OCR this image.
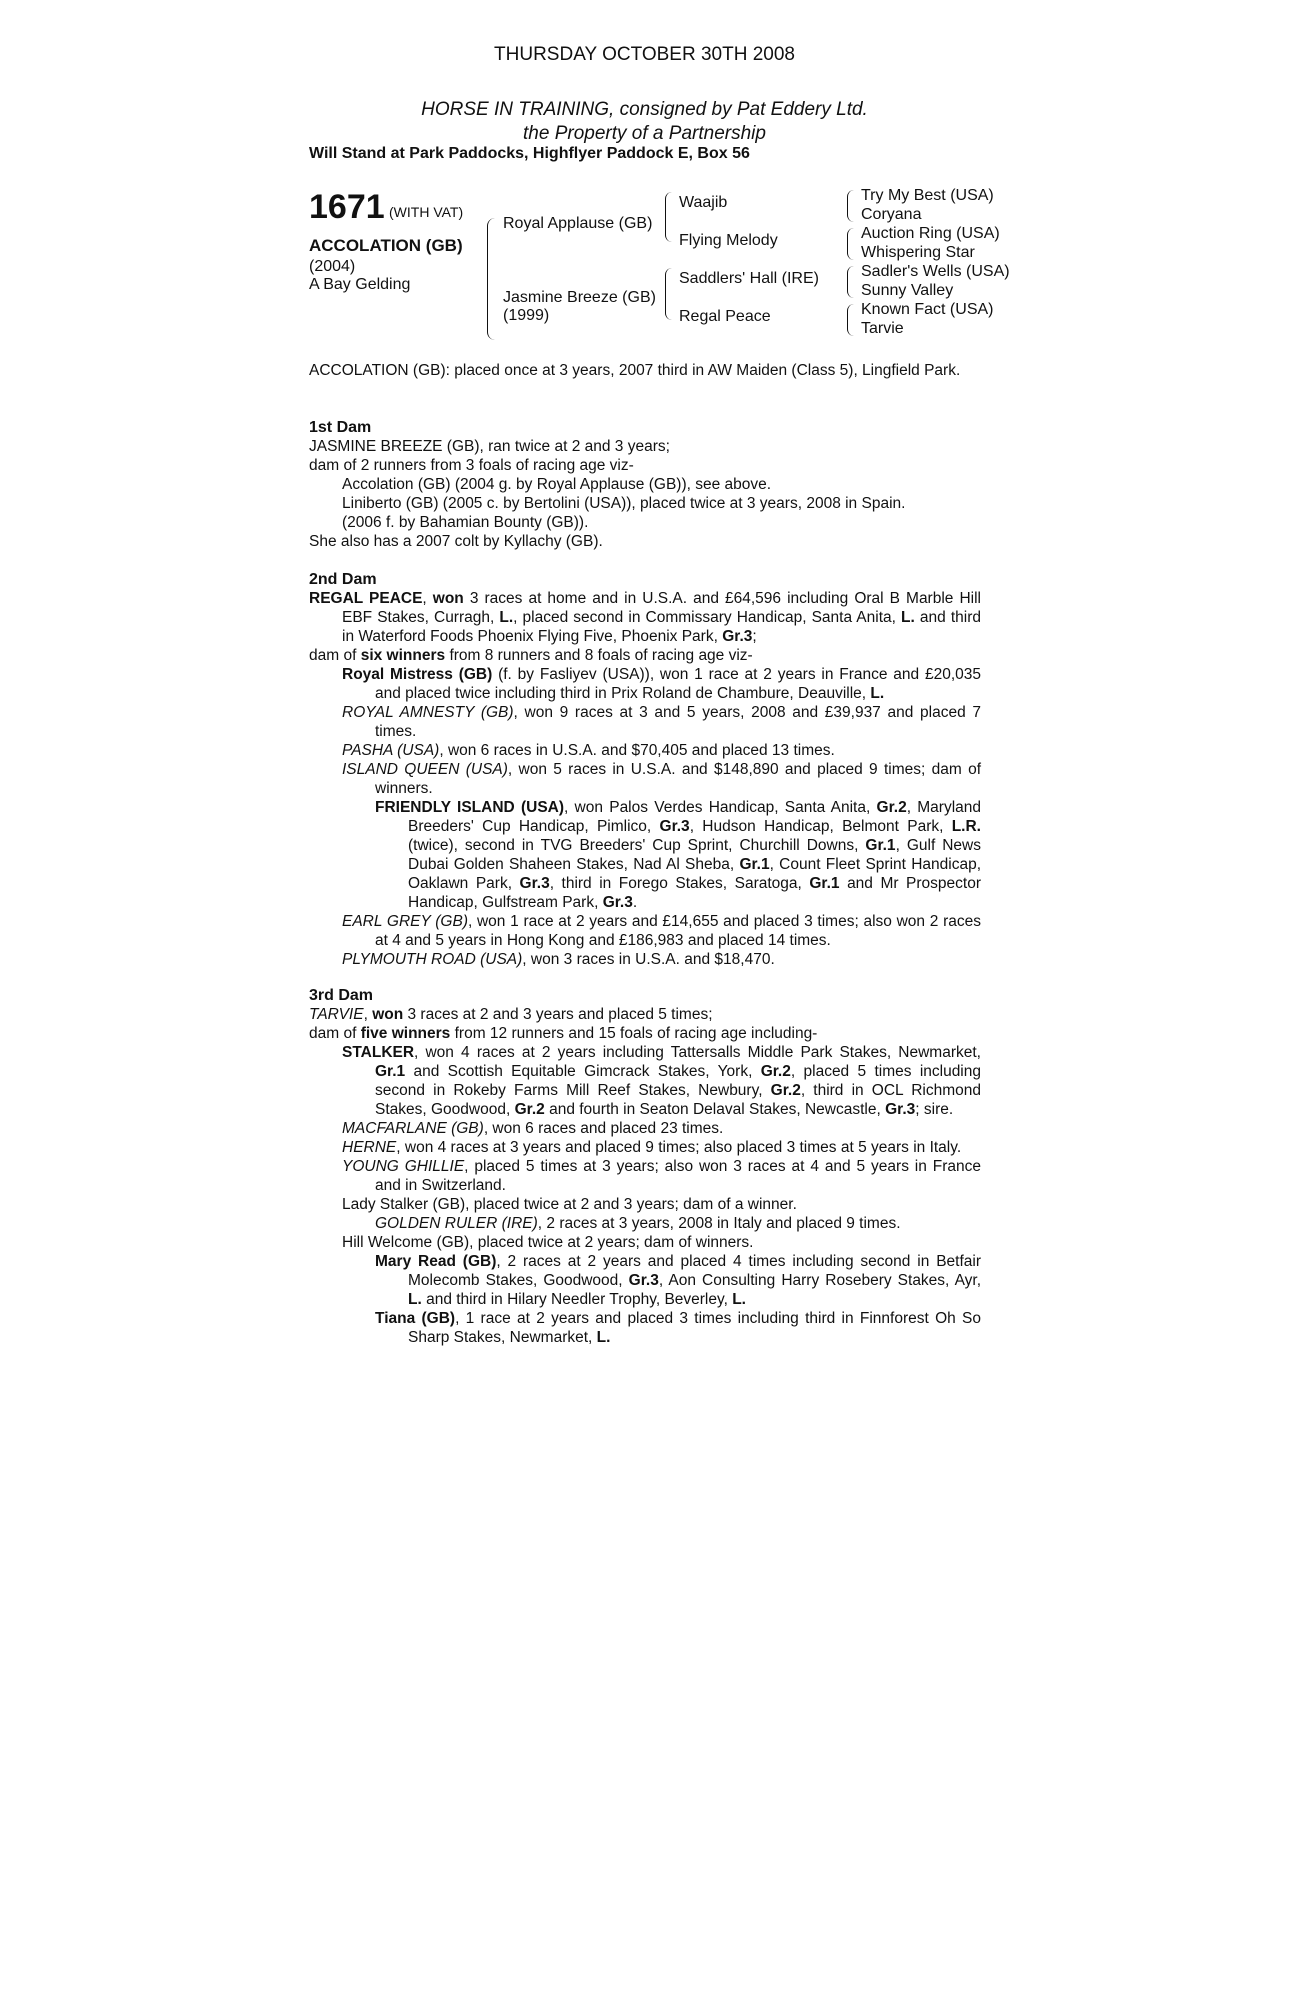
THURSDAY OCTOBER 30TH 2008
HORSE IN TRAINING, consigned by Pat Eddery Ltd.
the Property of a Partnership
Will Stand at Park Paddocks, Highflyer Paddock E, Box 56
1671 (WITH VAT)
ACCOLATION (GB)
(2004)
A Bay Gelding
Royal Applause (GB)
Jasmine Breeze (GB)
(1999)
Waajib
Flying Melody
Saddlers' Hall (IRE)
Regal Peace
Try My Best (USA)
Coryana
Auction Ring (USA)
Whispering Star
Sadler's Wells (USA)
Sunny Valley
Known Fact (USA)
Tarvie
ACCOLATION (GB): placed once at 3 years, 2007 third in AW Maiden (Class 5), Lingfield Park.
1st Dam
JASMINE BREEZE (GB), ran twice at 2 and 3 years;
dam of 2 runners from 3 foals of racing age viz-
Accolation (GB) (2004 g. by Royal Applause (GB)), see above.
Liniberto (GB) (2005 c. by Bertolini (USA)), placed twice at 3 years, 2008 in Spain.
(2006 f. by Bahamian Bounty (GB)).
She also has a 2007 colt by Kyllachy (GB).
2nd Dam
REGAL PEACE, won 3 races at home and in U.S.A. and £64,596 including Oral B Marble Hill EBF Stakes, Curragh, L., placed second in Commissary Handicap, Santa Anita, L. and third in Waterford Foods Phoenix Flying Five, Phoenix Park, Gr.3;
dam of six winners from 8 runners and 8 foals of racing age viz-
Royal Mistress (GB) (f. by Fasliyev (USA)), won 1 race at 2 years in France and £20,035 and placed twice including third in Prix Roland de Chambure, Deauville, L.
ROYAL AMNESTY (GB), won 9 races at 3 and 5 years, 2008 and £39,937 and placed 7 times.
PASHA (USA), won 6 races in U.S.A. and $70,405 and placed 13 times.
ISLAND QUEEN (USA), won 5 races in U.S.A. and $148,890 and placed 9 times; dam of winners.
FRIENDLY ISLAND (USA), won Palos Verdes Handicap, Santa Anita, Gr.2, Maryland Breeders' Cup Handicap, Pimlico, Gr.3, Hudson Handicap, Belmont Park, L.R. (twice), second in TVG Breeders' Cup Sprint, Churchill Downs, Gr.1, Gulf News Dubai Golden Shaheen Stakes, Nad Al Sheba, Gr.1, Count Fleet Sprint Handicap, Oaklawn Park, Gr.3, third in Forego Stakes, Saratoga, Gr.1 and Mr Prospector Handicap, Gulfstream Park, Gr.3.
EARL GREY (GB), won 1 race at 2 years and £14,655 and placed 3 times; also won 2 races at 4 and 5 years in Hong Kong and £186,983 and placed 14 times.
PLYMOUTH ROAD (USA), won 3 races in U.S.A. and $18,470.
3rd Dam
TARVIE, won 3 races at 2 and 3 years and placed 5 times;
dam of five winners from 12 runners and 15 foals of racing age including-
STALKER, won 4 races at 2 years including Tattersalls Middle Park Stakes, Newmarket, Gr.1 and Scottish Equitable Gimcrack Stakes, York, Gr.2, placed 5 times including second in Rokeby Farms Mill Reef Stakes, Newbury, Gr.2, third in OCL Richmond Stakes, Goodwood, Gr.2 and fourth in Seaton Delaval Stakes, Newcastle, Gr.3; sire.
MACFARLANE (GB), won 6 races and placed 23 times.
HERNE, won 4 races at 3 years and placed 9 times; also placed 3 times at 5 years in Italy.
YOUNG GHILLIE, placed 5 times at 3 years; also won 3 races at 4 and 5 years in France and in Switzerland.
Lady Stalker (GB), placed twice at 2 and 3 years; dam of a winner.
GOLDEN RULER (IRE), 2 races at 3 years, 2008 in Italy and placed 9 times.
Hill Welcome (GB), placed twice at 2 years; dam of winners.
Mary Read (GB), 2 races at 2 years and placed 4 times including second in Betfair Molecomb Stakes, Goodwood, Gr.3, Aon Consulting Harry Rosebery Stakes, Ayr, L. and third in Hilary Needler Trophy, Beverley, L.
Tiana (GB), 1 race at 2 years and placed 3 times including third in Finnforest Oh So Sharp Stakes, Newmarket, L.
